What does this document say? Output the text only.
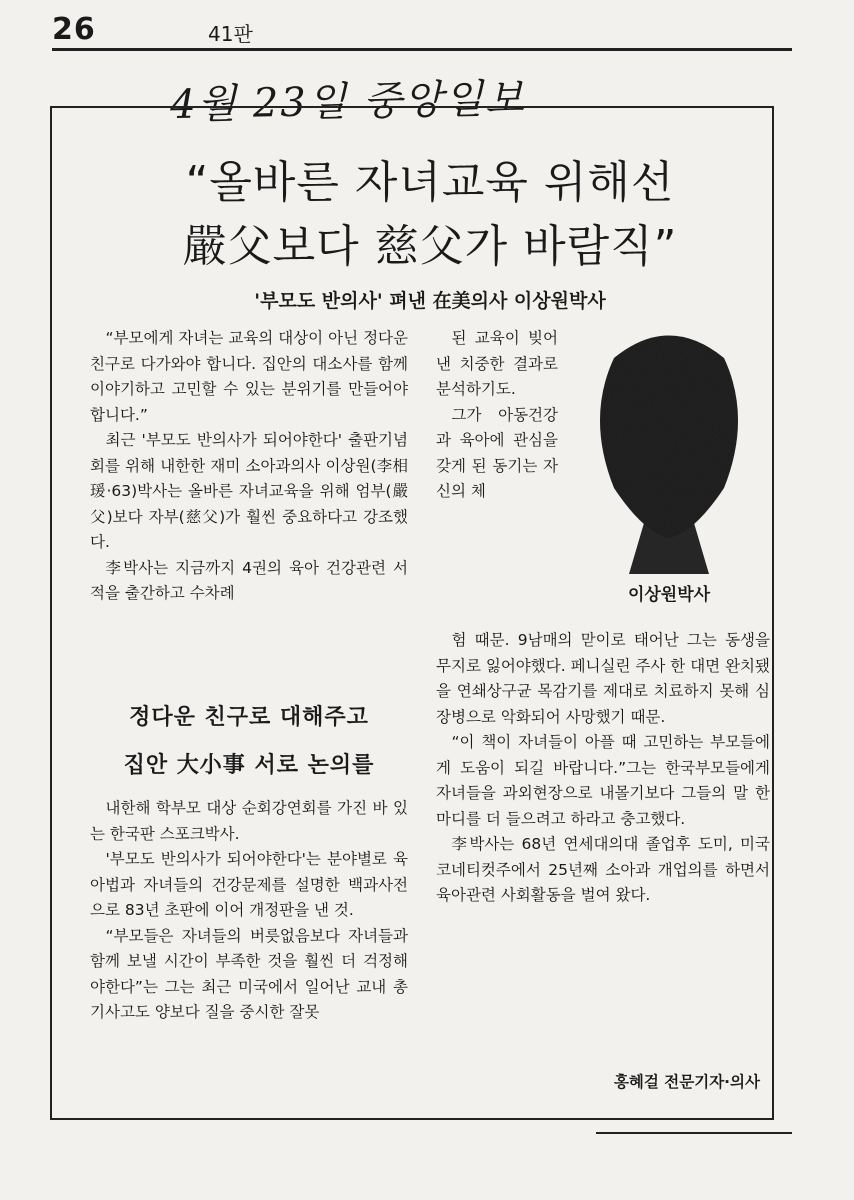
26	41판
4월 23일 중앙일보
“올바른 자녀교육 위해선
嚴父보다 慈父가 바람직”
'부모도 반의사' 펴낸 在美의사 이상원박사

“부모에게 자녀는 교육의 대상이 아닌 정다운 친구로 다가와야 합니다. 집안의 대소사를 함께 이야기하고 고민할 수 있는 분위기를 만들어야 합니다.”

최근 '부모도 반의사가 되어야한다' 출판기념회를 위해 내한한 재미 소아과의사 이상원(李相瑗·63)박사는 올바른 자녀교육을 위해 엄부(嚴父)보다 자부(慈父)가 훨씬 중요하다고 강조했다.

李박사는 지금까지 4권의 육아 건강관련 서적을 출간하고 수차례

정다운 친구로 대해주고
집안 大小事 서로 논의를

내한해 학부모 대상 순회강연회를 가진 바 있는 한국판 스포크박사.

'부모도 반의사가 되어야한다'는 분야별로 육아법과 자녀들의 건강문제를 설명한 백과사전으로 83년 초판에 이어 개정판을 낸 것.

“부모들은 자녀들의 버릇없음보다 자녀들과 함께 보낼 시간이 부족한 것을 훨씬 더 걱정해야한다”는 그는 최근 미국에서 일어난 교내 총기사고도 양보다 질을 중시한 잘못

된 교육이 빚어낸 치중한 결과로 분석하기도.

그가 아동건강과 육아에 관심을 갖게 된 동기는 자신의 체

이상원박사

험 때문. 9남매의 맏이로 태어난 그는 동생을 무지로 잃어야했다. 페니실린 주사 한 대면 완치됐을 연쇄상구균 목감기를 제대로 치료하지 못해 심장병으로 악화되어 사망했기 때문.

“이 책이 자녀들이 아플 때 고민하는 부모들에게 도움이 되길 바랍니다.”그는 한국부모들에게 자녀들을 과외현장으로 내몰기보다 그들의 말 한마디를 더 들으려고 하라고 충고했다.

李박사는 68년 연세대의대 졸업후 도미, 미국 코네티컷주에서 25년째 소아과 개업의를 하면서 육아관련 사회활동을 벌여 왔다.

홍혜걸 전문기자·의사
